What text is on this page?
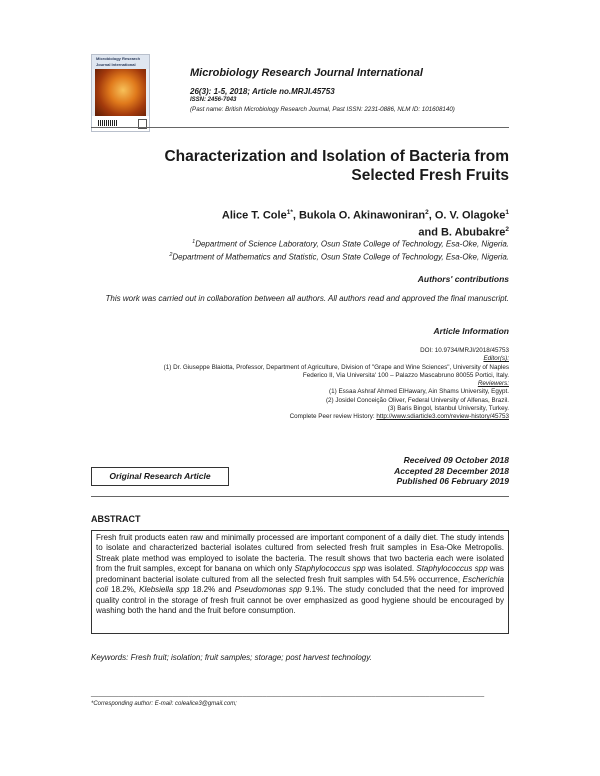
Microbiology Research
Journal International
Microbiology Research Journal International
26(3): 1-5, 2018; Article no.MRJI.45753
ISSN: 2456-7043
(Past name: British Microbiology Research Journal, Past ISSN: 2231-0886, NLM ID: 101608140)
Characterization and Isolation of Bacteria from
Selected Fresh Fruits
Alice T. Cole$^{1*}$, Bukola O. Akinawoniran$^2$, O. V. Olagoke$^1$
and B. Abubakre$^2$
$^1$Department of Science Laboratory, Osun State College of Technology, Esa-Oke, Nigeria.
$^2$Department of Mathematics and Statistic, Osun State College of Technology, Esa-Oke, Nigeria.
Authors' contributions
This work was carried out in collaboration between all authors. All authors read and approved the final manuscript.
Article Information
DOI: 10.9734/MRJI/2018/45753
Editor(s):
(1) Dr. Giuseppe Blaiotta, Professor, Department of Agriculture, Division of "Grape and Wine Sciences", University of Naples
Federico II, Via Universita' 100 – Palazzo Mascabruno 80055 Portici, Italy.
Reviewers:
(1) Essaa Ashraf Ahmed ElHawary, Ain Shams University, Egypt.
(2) Josidel Conceição Oliver, Federal University of Alfenas, Brazil.
(3) Baris Bingol, Istanbul University, Turkey.
Complete Peer review History: http://www.sdiarticle3.com/review-history/45753
Original Research Article
Received 09 October 2018
Accepted 28 December 2018
Published 06 February 2019
ABSTRACT
Fresh fruit products eaten raw and minimally processed are important component of a daily diet. The study intends to isolate and characterized bacterial isolates cultured from selected fresh fruit samples in Esa-Oke Metropolis. Streak plate method was employed to isolate the bacteria. The result shows that two bacteria each were isolated from the fruit samples, except for banana on which only Staphylococcus spp was isolated. Staphylococcus spp was predominant bacterial isolate cultured from all the selected fresh fruit samples with 54.5% occurrence, Escherichia coli 18.2%, Klebsiella spp 18.2% and Pseudomonas spp 9.1%. The study concluded that the need for improved quality control in the storage of fresh fruit cannot be over emphasized as good hygiene should be encouraged by washing both the hand and the fruit before consumption.
Keywords: Fresh fruit; isolation; fruit samples; storage; post harvest technology.
_____________________________________________________________________________________________________
*Corresponding author: E-mail: colealice3@gmail.com;
